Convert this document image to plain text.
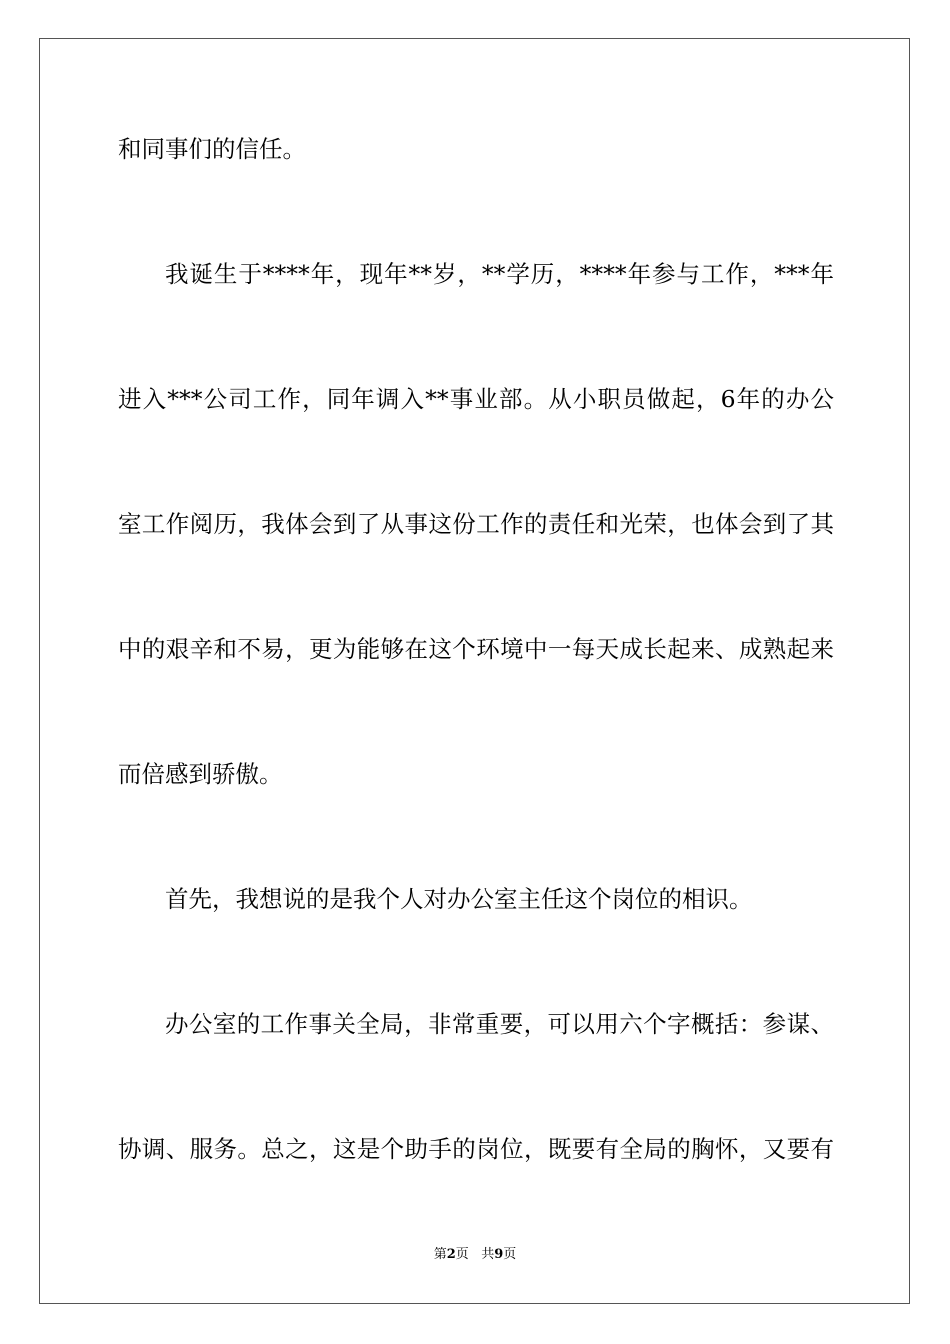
和同事们的信任。
我诞生于****年，现年**岁，**学历，****年参与工作，***年
进入***公司工作，同年调入**事业部。从小职员做起，6年的办公
室工作阅历，我体会到了从事这份工作的责任和光荣，也体会到了其
中的艰辛和不易，更为能够在这个环境中一每天成长起来、成熟起来
而倍感到骄傲。
首先，我想说的是我个人对办公室主任这个岗位的相识。
办公室的工作事关全局，非常重要，可以用六个字概括：参谋、
协调、服务。总之，这是个助手的岗位，既要有全局的胸怀，又要有
第2页 共9页
